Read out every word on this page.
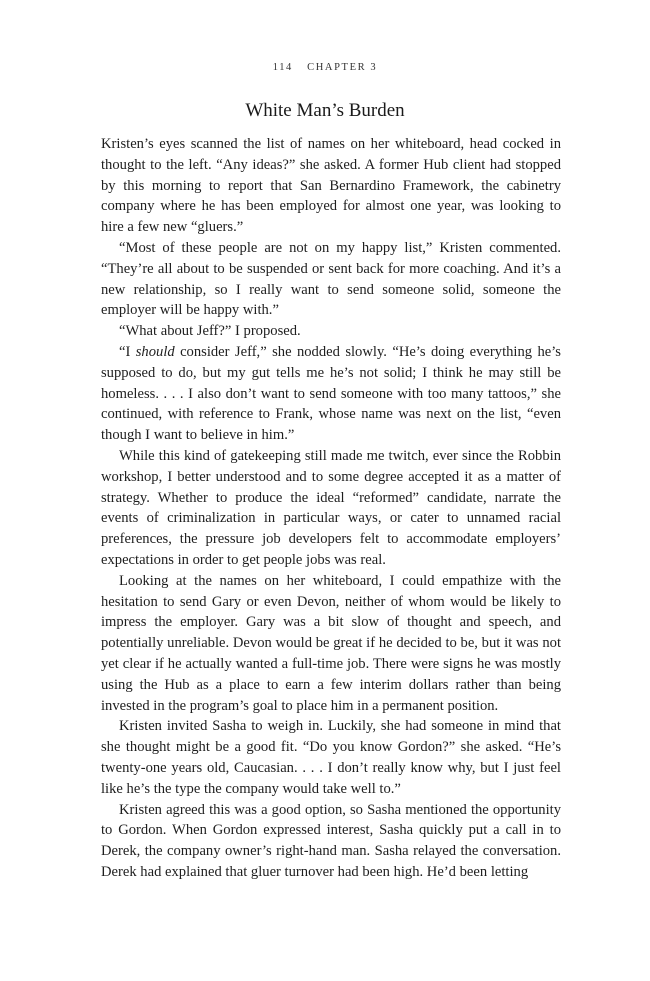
114 CHAPTER 3
White Man’s Burden

Kristen’s eyes scanned the list of names on her whiteboard, head cocked in thought to the left. “Any ideas?” she asked. A former Hub client had stopped by this morning to report that San Bernardino Framework, the cabinetry company where he has been employed for almost one year, was looking to hire a few new “gluers.”

“Most of these people are not on my happy list,” Kristen commented. “They’re all about to be suspended or sent back for more coaching. And it’s a new relationship, so I really want to send someone solid, someone the employer will be happy with.”

“What about Jeff?” I proposed.

“I should consider Jeff,” she nodded slowly. “He’s doing everything he’s supposed to do, but my gut tells me he’s not solid; I think he may still be homeless. . . . I also don’t want to send someone with too many tattoos,” she continued, with reference to Frank, whose name was next on the list, “even though I want to believe in him.”

While this kind of gatekeeping still made me twitch, ever since the Robbin workshop, I better understood and to some degree accepted it as a matter of strategy. Whether to produce the ideal “reformed” candidate, narrate the events of criminalization in particular ways, or cater to unnamed racial preferences, the pressure job developers felt to accommodate employers’ expectations in order to get people jobs was real.

Looking at the names on her whiteboard, I could empathize with the hesitation to send Gary or even Devon, neither of whom would be likely to impress the employer. Gary was a bit slow of thought and speech, and potentially unreliable. Devon would be great if he decided to be, but it was not yet clear if he actually wanted a full-time job. There were signs he was mostly using the Hub as a place to earn a few interim dollars rather than being invested in the program’s goal to place him in a permanent position.

Kristen invited Sasha to weigh in. Luckily, she had someone in mind that she thought might be a good fit. “Do you know Gordon?” she asked. “He’s twenty-one years old, Caucasian. . . . I don’t really know why, but I just feel like he’s the type the company would take well to.”

Kristen agreed this was a good option, so Sasha mentioned the opportunity to Gordon. When Gordon expressed interest, Sasha quickly put a call in to Derek, the company owner’s right-hand man. Sasha relayed the conversation. Derek had explained that gluer turnover had been high. He’d been letting
